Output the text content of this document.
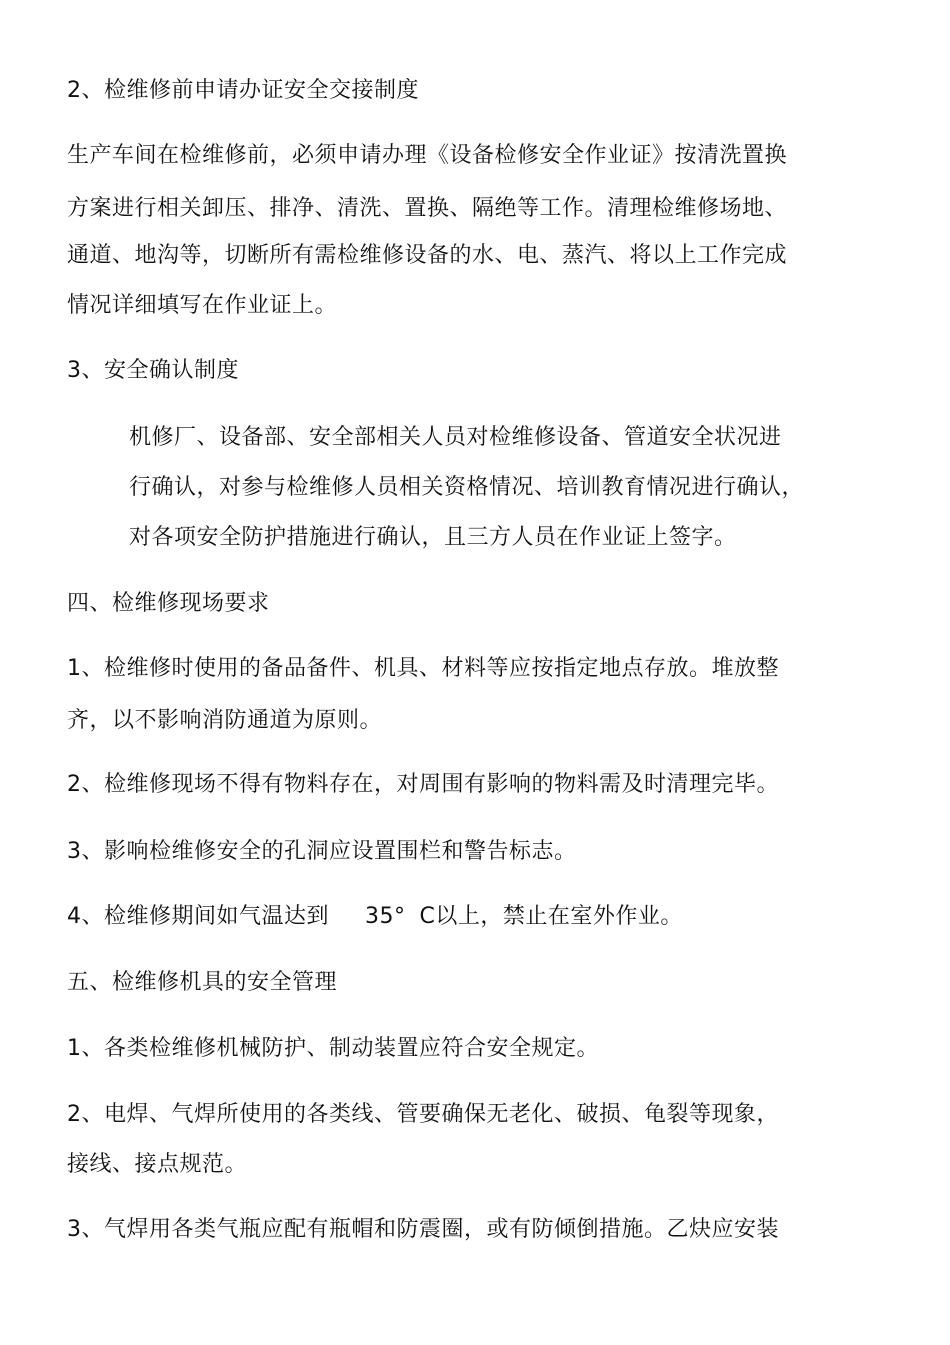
2、检维修前申请办证安全交接制度
生产车间在检维修前，必须申请办理《设备检修安全作业证》按清洗置换
方案进行相关卸压、排净、清洗、置换、隔绝等工作。清理检维修场地、
通道、地沟等，切断所有需检维修设备的水、电、蒸汽、将以上工作完成
情况详细填写在作业证上。
3、安全确认制度
机修厂、设备部、安全部相关人员对检维修设备、管道安全状况进
行确认，对参与检维修人员相关资格情况、培训教育情况进行确认，
对各项安全防护措施进行确认，且三方人员在作业证上签字。
四、检维修现场要求
1、检维修时使用的备品备件、机具、材料等应按指定地点存放。堆放整
齐，以不影响消防通道为原则。
2、检维修现场不得有物料存在，对周围有影响的物料需及时清理完毕。
3、影响检维修安全的孔洞应设置围栏和警告标志。
4、检维修期间如气温达到 35° C以上，禁止在室外作业。
五、检维修机具的安全管理
1、各类检维修机械防护、制动装置应符合安全规定。
2、电焊、气焊所使用的各类线、管要确保无老化、破损、龟裂等现象，
接线、接点规范。
3、气焊用各类气瓶应配有瓶帽和防震圈，或有防倾倒措施。乙炔应安装
